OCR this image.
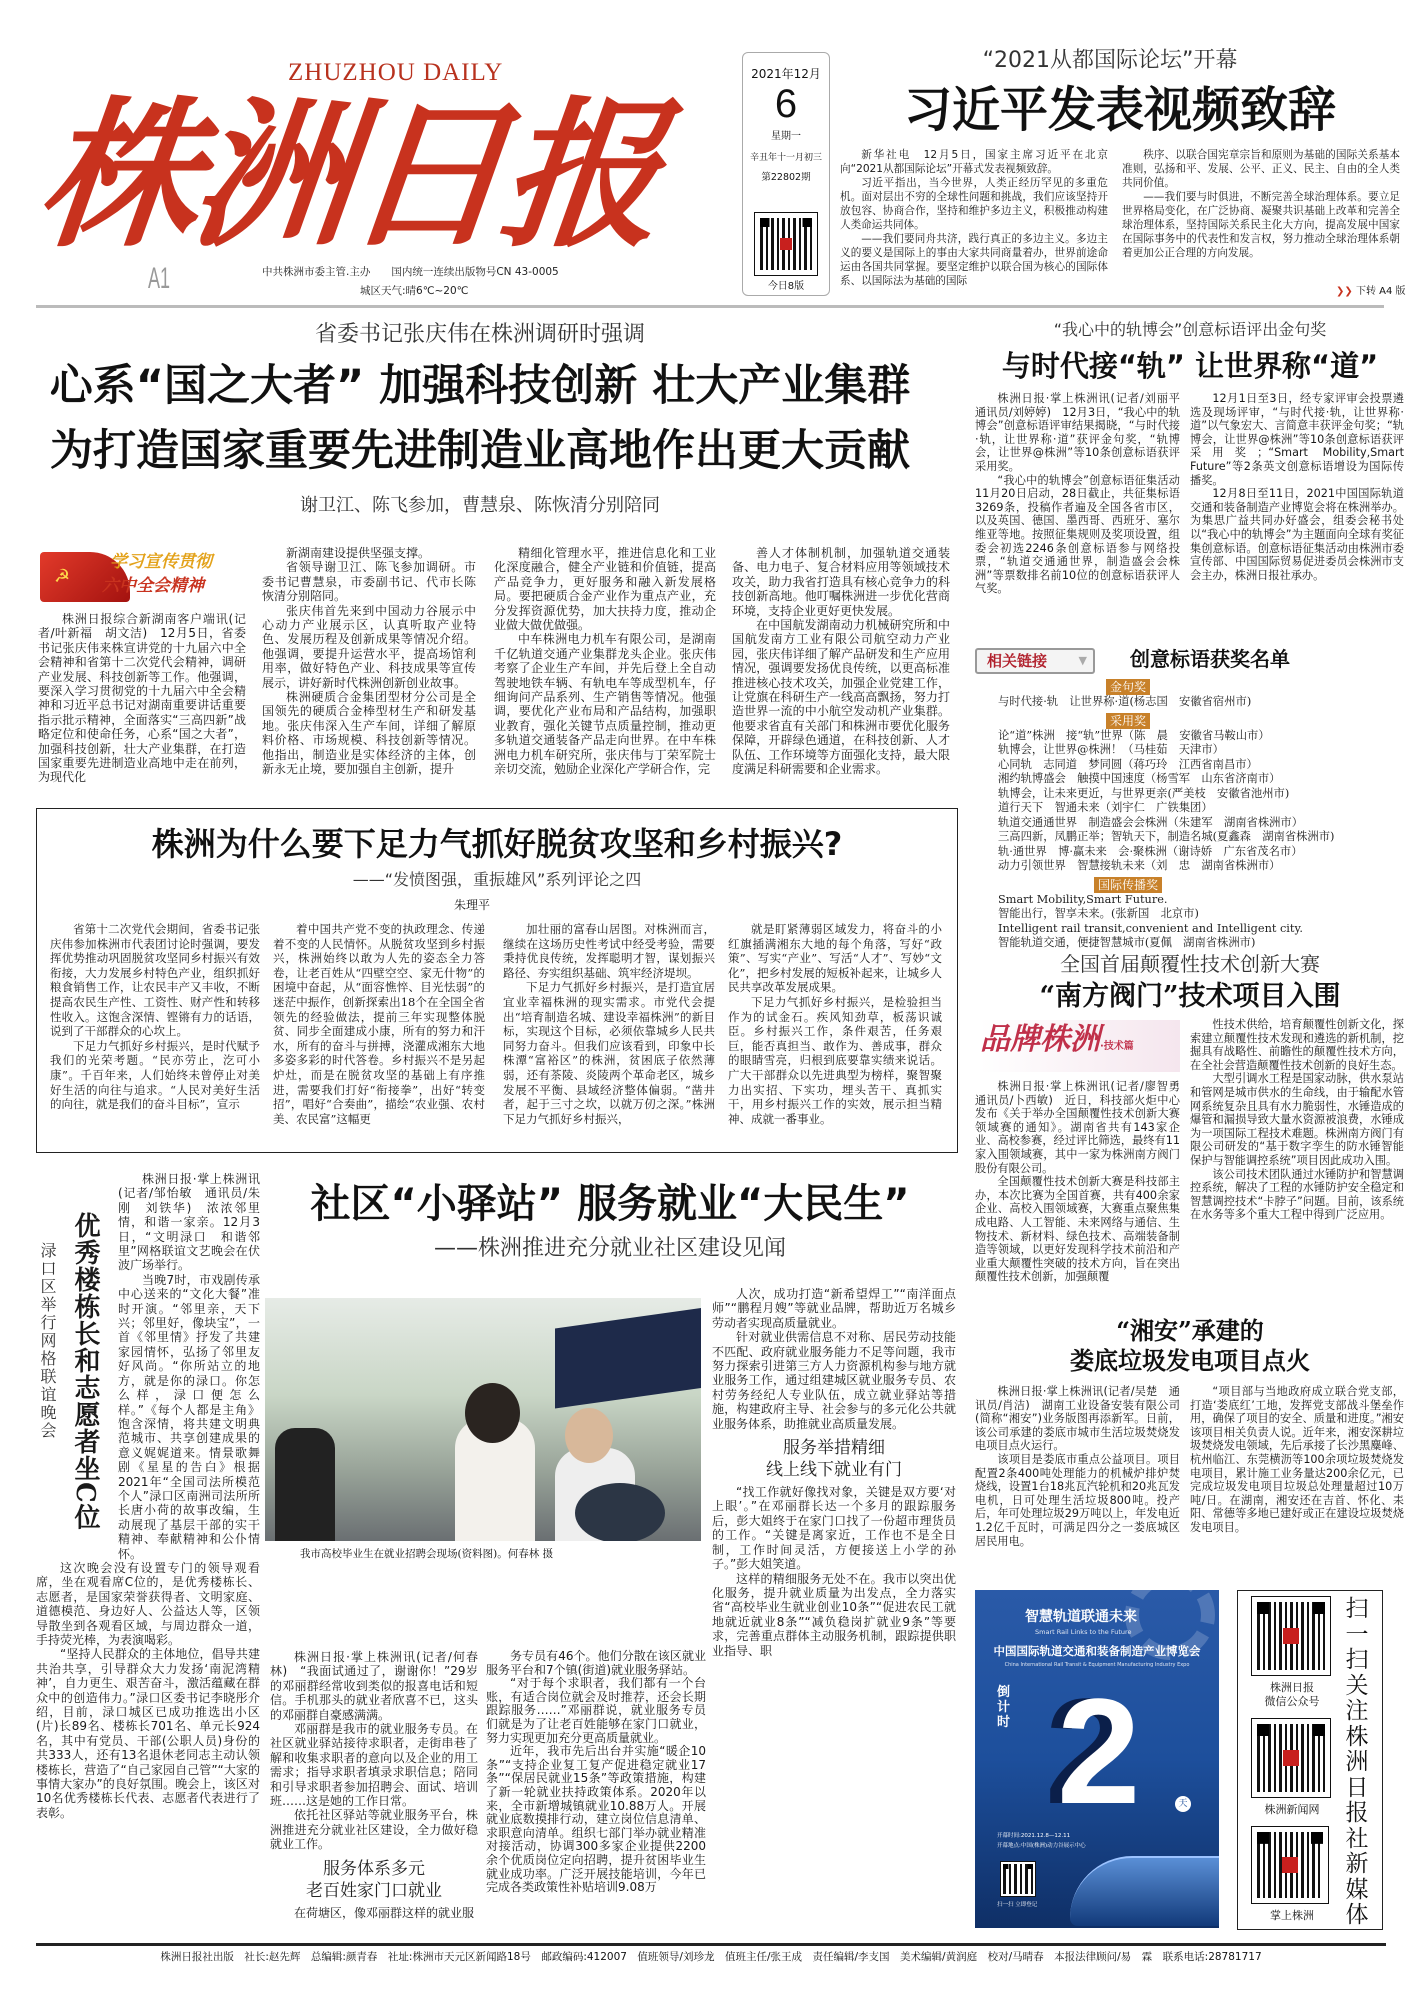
株洲日报
ZHUZHOU DAILY
A1	中共株洲市委主管.主办　　国内统一连续出版物号CN 43-0005
城区天气:晴6℃~20℃
2021年12月
6
星期一
辛丑年十一月初三
第22802期
今日8版
“2021从都国际论坛”开幕
习近平发表视频致辞

新华社电　12月5日，国家主席习近平在北京向“2021从都国际论坛”开幕式发表视频致辞。

习近平指出，当今世界，人类正经历罕见的多重危机。面对层出不穷的全球性问题和挑战，我们应该坚持开放包容、协商合作，坚持和维护多边主义，积极推动构建人类命运共同体。

——我们要同舟共济，践行真正的多边主义。多边主义的要义是国际上的事由大家共同商量着办，世界前途命运由各国共同掌握。要坚定维护以联合国为核心的国际体系、以国际法为基础的国际

秩序、以联合国宪章宗旨和原则为基础的国际关系基本准则，弘扬和平、发展、公平、正义、民主、自由的全人类共同价值。

——我们要与时俱进，不断完善全球治理体系。要立足世界格局变化，在广泛协商、凝聚共识基础上改革和完善全球治理体系，坚持国际关系民主化大方向，提高发展中国家在国际事务中的代表性和发言权，努力推动全球治理体系朝着更加公正合理的方向发展。

❯❯ 下转 A4 版
省委书记张庆伟在株洲调研时强调
心系“国之大者” 加强科技创新 壮大产业集群
为打造国家重要先进制造业高地作出更大贡献
谢卫江、陈飞参加，曹慧泉、陈恢清分别陪同
☭
学习宣传贯彻
六中全会精神

株洲日报综合新湖南客户端讯(记者/叶新福　胡文洁)　12月5日，省委书记张庆伟来株宣讲党的十九届六中全会精神和省第十二次党代会精神，调研产业发展、科技创新等工作。他强调，要深入学习贯彻党的十九届六中全会精神和习近平总书记对湖南重要讲话重要指示批示精神，全面落实“三高四新”战略定位和使命任务，心系“国之大者”，加强科技创新，壮大产业集群，在打造国家重要先进制造业高地中走在前列，为现代化

新湖南建设提供坚强支撑。

省领导谢卫江、陈飞参加调研。市委书记曹慧泉，市委副书记、代市长陈恢清分别陪同。

张庆伟首先来到中国动力谷展示中心动力产业展示区，认真听取产业特色、发展历程及创新成果等情况介绍。他强调，要提升运营水平，提高场馆利用率，做好特色产业、科技成果等宣传展示，讲好新时代株洲创新创业故事。

株洲硬质合金集团型材分公司是全国领先的硬质合金棒型材生产和研发基地。张庆伟深入生产车间，详细了解原料价格、市场规模、科技创新等情况。他指出，制造业是实体经济的主体，创新永无止境，要加强自主创新，提升

精细化管理水平，推进信息化和工业化深度融合，健全产业链和价值链，提高产品竞争力，更好服务和融入新发展格局。要把硬质合金产业作为重点产业，充分发挥资源优势，加大扶持力度，推动企业做大做优做强。

中车株洲电力机车有限公司，是湖南千亿轨道交通产业集群龙头企业。张庆伟考察了企业生产车间，并先后登上全自动驾驶地铁车辆、有轨电车等成型机车，仔细询问产品系列、生产销售等情况。他强调，要优化产业布局和产品结构，加强职业教育，强化关键节点质量控制，推动更多轨道交通装备产品走向世界。在中车株洲电力机车研究所，张庆伟与丁荣军院士亲切交流，勉励企业深化产学研合作，完

善人才体制机制，加强轨道交通装备、电力电子、复合材料应用等领域技术攻关，助力我省打造具有核心竞争力的科技创新高地。他叮嘱株洲进一步优化营商环境，支持企业更好更快发展。

在中国航发湖南动力机械研究所和中国航发南方工业有限公司航空动力产业园，张庆伟详细了解产品研发和生产应用情况，强调要发扬优良传统，以更高标准推进核心技术攻关，加强企业党建工作，让党旗在科研生产一线高高飘扬，努力打造世界一流的中小航空发动机产业集群。他要求省直有关部门和株洲市要优化服务保障，开辟绿色通道，在科技创新、人才队伍、工作环境等方面强化支持，最大限度满足科研需要和企业需求。

株洲为什么要下足力气抓好脱贫攻坚和乡村振兴?
——“发愤图强，重振雄风”系列评论之四
朱理平

省第十二次党代会期间，省委书记张庆伟参加株洲市代表团讨论时强调，要发挥优势推动巩固脱贫攻坚同乡村振兴有效衔接，大力发展乡村特色产业，组织抓好粮食销售工作，让农民丰产又丰收，不断提高农民生产性、工资性、财产性和转移性收入。这饱含深情、铿锵有力的话语，说到了干部群众的心坎上。

下足力气抓好乡村振兴，是时代赋予我们的光荣考题。“民亦劳止，汔可小康”。千百年来，人们始终未曾停止对美好生活的向往与追求。“人民对美好生活的向往，就是我们的奋斗目标”，宣示

着中国共产党不变的执政理念、传递着不变的人民情怀。从脱贫攻坚到乡村振兴，株洲始终以敢为人先的姿态全力答卷，让老百姓从“四壁空空、家无什物”的困境中奋起，从“面容憔悴、目光怯弱”的迷茫中振作，创新探索出18个在全国全省领先的经验做法，提前三年实现整体脱贫、同步全面建成小康，所有的努力和汗水，所有的奋斗与拼搏，浇灌成湘东大地多姿多彩的时代答卷。乡村振兴不是另起炉灶，而是在脱贫攻坚的基础上有序推进，需要我们打好“衔接拳”，出好“转变招”，唱好“合奏曲”，描绘“农业强、农村美、农民富”这幅更

加壮丽的富春山居图。对株洲而言，继续在这场历史性考试中经受考验，需要秉持优良传统，发挥聪明才智，谋划振兴路径、夯实组织基础、筑牢经济堤坝。

下足力气抓好乡村振兴，是打造宜居宜业幸福株洲的现实需求。市党代会提出“培育制造名城、建设幸福株洲”的新目标，实现这个目标，必须依靠城乡人民共同努力奋斗。但我们应该看到，印象中长株潭“富裕区”的株洲，贫困底子依然薄弱，还有茶陵、炎陵两个革命老区，城乡发展不平衡、县域经济整体偏弱。“凿井者，起于三寸之坎，以就万仞之深。”株洲下足力气抓好乡村振兴，

就是盯紧薄弱区域发力，将奋斗的小红旗插满湘东大地的每个角落，写好“政策”、写实“产业”、写活“人才”、写妙“文化”，把乡村发展的短板补起来，让城乡人民共享改革发展成果。

下足力气抓好乡村振兴，是检验担当作为的试金石。疾风知劲草，板荡识诚臣。乡村振兴工作，条件艰苦，任务艰巨，能否真担当、敢作为、善成事，群众的眼睛雪亮，归根到底要靠实绩来说话。广大干部群众以先进典型为榜样，聚智聚力出实招、下实功，埋头苦干、真抓实干，用乡村振兴工作的实效，展示担当精神、成就一番事业。

渌口区举行网格联谊晚会 优秀楼栋长和志愿者坐C位

株洲日报·掌上株洲讯(记者/邹怡敏　通讯员/朱刚　刘铁华)　浓浓邻里情，和谐一家亲。12月3日，“文明渌口　和谐邻里”网格联谊文艺晚会在伏波广场举行。

当晚7时，市戏剧传承中心送来的“文化大餐”准时开演。“邻里亲，天下兴；邻里好，像块宝”，一首《邻里情》抒发了共建家园情怀，弘扬了邻里友好风尚。“你所站立的地方，就是你的渌口。你怎么样，渌口便怎么样。”《每个人都是主角》饱含深情，将共建文明典范城市、共享创建成果的意义娓娓道来。情景歌舞剧《星星的告白》根据2021年“全国司法所模范个人”渌口区南洲司法所所长唐小荷的故事改编，生动展现了基层干部的实干精神、奉献精神和公仆情怀。

这次晚会没有设置专门的领导观看席，坐在观看席C位的，是优秀楼栋长、志愿者，是国家荣誉获得者、文明家庭、道德模范、身边好人、公益达人等，区领导散坐到各观看区域，与周边群众一道，手持荧光棒，为表演喝彩。

“坚持人民群众的主体地位，倡导共建共治共享，引导群众大力发扬‘南泥湾精神’，自力更生、艰苦奋斗，激活蕴藏在群众中的创造伟力。”渌口区委书记李晓彤介绍，目前，渌口城区已成功推选出小区(片)长89名、楼栋长701名、单元长924名，其中有党员、干部(公职人员)身份的共333人，还有13名退休老同志主动认领楼栋长，营造了“自己家园自己管”“大家的事情大家办”的良好氛围。晚会上，该区对10名优秀楼栋长代表、志愿者代表进行了表彰。

社区“小驿站” 服务就业“大民生”
——株洲推进充分就业社区建设见闻
我市高校毕业生在就业招聘会现场(资料图)。何春林 摄

株洲日报·掌上株洲讯(记者/何春林)　“我面试通过了，谢谢你！”29岁的邓丽群经常收到类似的报喜电话和短信。手机那头的就业者欣喜不已，这头的邓丽群自豪感满满。

邓丽群是我市的就业服务专员。在社区就业驿站接待求职者，走街串巷了解和收集求职者的意向以及企业的用工需求；指导求职者填录求职信息；陪同和引导求职者参加招聘会、面试、培训班……这是她的工作日常。

依托社区驿站等就业服务平台，株洲推进充分就业社区建设，全力做好稳就业工作。

服务体系多元
老百姓家门口就业

在荷塘区，像邓丽群这样的就业服

务专员有46个。他们分散在该区就业服务平台和7个镇(街道)就业服务驿站。

“对于每个求职者，我们都有一个台账，有适合岗位就会及时推荐，还会长期跟踪服务……”邓丽群说，就业服务专员们就是为了让老百姓能够在家门口就业，努力实现更加充分更高质量就业。

近年，我市先后出台并实施“暖企10条”“支持企业复工复产促进稳定就业17条”“保居民就业15条”等政策措施，构建了新一轮就业扶持政策体系。2020年以来，全市新增城镇就业10.88万人。开展就业底数摸排行动，建立岗位信息清单、求职意向清单。组织七部门举办就业精准对接活动，协调300多家企业提供2200余个优质岗位定向招聘，提升贫困毕业生就业成功率。广泛开展技能培训，今年已完成各类政策性补贴培训9.08万

人次，成功打造“新希望焊工”“南洋面点师”“鹏程月嫂”等就业品牌，帮助近万名城乡劳动者实现高质量就业。

针对就业供需信息不对称、居民劳动技能不匹配、政府就业服务能力不足等问题，我市努力探索引进第三方人力资源机构参与地方就业服务工作，通过组建城区就业服务专员、农村劳务经纪人专业队伍，成立就业驿站等措施，构建政府主导、社会参与的多元化公共就业服务体系，助推就业高质量发展。

服务举措精细
线上线下就业有门

“找工作就好像找对象，关键是双方要‘对上眼’。”在邓丽群长达一个多月的跟踪服务后，彭大姐终于在家门口找了一份超市理货员的工作。“关键是离家近，工作也不是全日制，工作时间灵活，方便接送上小学的孙子。”彭大姐笑道。

这样的精细服务无处不在。我市以突出优化服务，提升就业质量为出发点，全力落实省“高校毕业生就业创业10条”“促进农民工就地就近就业8条”“减负稳岗扩就业9条”等要求，完善重点群体主动服务机制，跟踪提供职业指导、职

“我心中的轨博会”创意标语评出金句奖
与时代接“轨” 让世界称“道”

株洲日报·掌上株洲讯(记者/刘丽平　通讯员/刘婷婷)　12月3日，“我心中的轨博会”创意标语评审结果揭晓，“与时代接·轨，让世界称·道”获评金句奖，“轨博会，让世界@株洲”等10条创意标语获评采用奖。

“我心中的轨博会”创意标语征集活动11月20日启动，28日截止，共征集标语3269条，投稿作者遍及全国各省市区，以及英国、德国、墨西哥、西班牙、塞尔维亚等地。按照征集规则及奖项设置，组委会初选2246条创意标语参与网络投票，“轨道交通通世界，制造盛会会株洲”等票数排名前10位的创意标语获评人气奖。

12月1日至3日，经专家评审会投票遴选及现场评审，“与时代接·轨，让世界称·道”以气象宏大、言简意丰获评金句奖；“轨博会，让世界@株洲”等10条创意标语获评采用奖；“Smart Mobility,Smart Future”等2条英文创意标语增设为国际传播奖。

12月8日至11日，2021中国国际轨道交通和装备制造产业博览会将在株洲举办。为集思广益共同办好盛会，组委会秘书处以“我心中的轨博会”为主题面向全球有奖征集创意标语。创意标语征集活动由株洲市委宣传部、中国国际贸易促进委员会株洲市支会主办，株洲日报社承办。

相关链接	▼ 创意标语获奖名单
金句奖
与时代接·轨　让世界称·道(杨志国　安徽省宿州市)
采用奖
论“道”株洲　接“轨”世界（陈　晨　安徽省马鞍山市）
轨博会，让世界@株洲！（马桂茹　天津市）
心同轨　志同道　梦同圆（蒋巧玲　江西省南昌市）
湘约轨博盛会　触摸中国速度（杨雪军　山东省济南市）
轨博会，让未来更近，与世界更亲(严美枝　安徽省池州市)
道行天下　智通未来（刘宇仁　广铁集团）
轨道交通通世界　制造盛会会株洲（朱建军　湖南省株洲市）
三高四新，凤鹏正举；智轨天下，制造名城(夏鑫森　湖南省株洲市)
轨·通世界　博·赢未来　会·聚株洲（谢诗娇　广东省茂名市）
动力引领世界　智慧接轨未来（刘　忠　湖南省株洲市）
国际传播奖
Smart Mobility,Smart Future.
智能出行，智享未来。(张新国　北京市)
Intelligent rail transit,convenient and Intelligent city.
智能轨道交通，便捷智慧城市(夏佩　湖南省株洲市)
全国首届颠覆性技术创新大赛
“南方阀门”技术项目入围
品牌株洲·技术篇

株洲日报·掌上株洲讯(记者/廖智勇　通讯员/卜西敏)　近日，科技部火炬中心发布《关于举办全国颠覆性技术创新大赛领域赛的通知》。湖南省共有143家企业、高校参赛，经过评比筛选，最终有11家入围领域赛，其中一家为株洲南方阀门股份有限公司。

全国颠覆性技术创新大赛是科技部主办，本次比赛为全国首赛，共有400余家企业、高校入围领域赛，大赛重点聚焦集成电路、人工智能、未来网络与通信、生物技术、新材料、绿色技术、高端装备制造等领域，以更好发现科学技术前沿和产业重大颠覆性突破的技术方向，旨在突出颠覆性技术创新，加强颠覆

性技术供给，培育颠覆性创新文化，探索建立颠覆性技术发现和遴选的新机制，挖掘具有战略性、前瞻性的颠覆性技术方向，在全社会营造颠覆性技术创新的良好生态。

大型引调水工程是国家动脉，供水泵站和管网是城市供水的生命线，由于输配水管网系统复杂且具有水力脆弱性，水锤造成的爆管和漏损导致大量水资源被浪费，水锤成为一项国际工程技术难题。株洲南方阀门有限公司研发的“基于数字孪生的防水锤智能保护与智能调控系统”项目因此成功入围。

该公司技术团队通过水锤防护和智慧调控系统，解决了工程的水锤防护安全稳定和智慧调控技术“卡脖子”问题。目前，该系统在水务等多个重大工程中得到广泛应用。

“湘安”承建的
娄底垃圾发电项目点火

株洲日报·掌上株洲讯(记者/吴楚　通讯员/肖洁)　湖南工业设备安装有限公司(简称“湘安”)业务版图再添新军。日前，该公司承建的娄底市城市生活垃圾焚烧发电项目点火运行。

该项目是娄底市重点公益项目。项目配置2条400吨处理能力的机械炉排炉焚烧线，设置1台18兆瓦汽轮机和20兆瓦发电机，日可处理生活垃圾800吨。投产后，年可处理垃圾29万吨以上，年发电近1.2亿千瓦时，可满足四分之一娄底城区居民用电。

“项目部与当地政府成立联合党支部，打造‘娄底红’工地，发挥党支部战斗堡垒作用，确保了项目的安全、质量和进度。”湘安该项目相关负责人说。近年来，湘安深耕垃圾焚烧发电领域，先后承接了长沙黑麋峰、杭州临江、东莞横沥等100余项垃圾焚烧发电项目，累计施工业务量达200余亿元，已完成垃圾发电项目垃圾总处理量超过10万吨/日。在湖南，湘安还在吉首、怀化、耒阳、常德等多地已建好或正在建设垃圾焚烧发电项目。

智慧轨道联通未来
Smart Rail Links to the Future
中国国际轨道交通和装备制造产业博览会
China International Rail Transit & Equipment Manufacturing Industry Expo
倒计时 2	天
开幕时间:2021.12.8—12.11
开幕地点:中国(株洲)动力谷展示中心
扫一扫 立即登记
株洲日报
微信公众号
株洲新闻网
掌上株洲
扫一扫关注株洲日报社新媒体
株洲日报社出版　社长:赵先辉　总编辑:颜青春　社址:株洲市天元区新闻路18号　邮政编码:412007　值班领导/刘珍龙　值班主任/张王成　责任编辑/李支国　美术编辑/黄润庭　校对/马晴春　本报法律顾问/易　霖　联系电话:28781717
